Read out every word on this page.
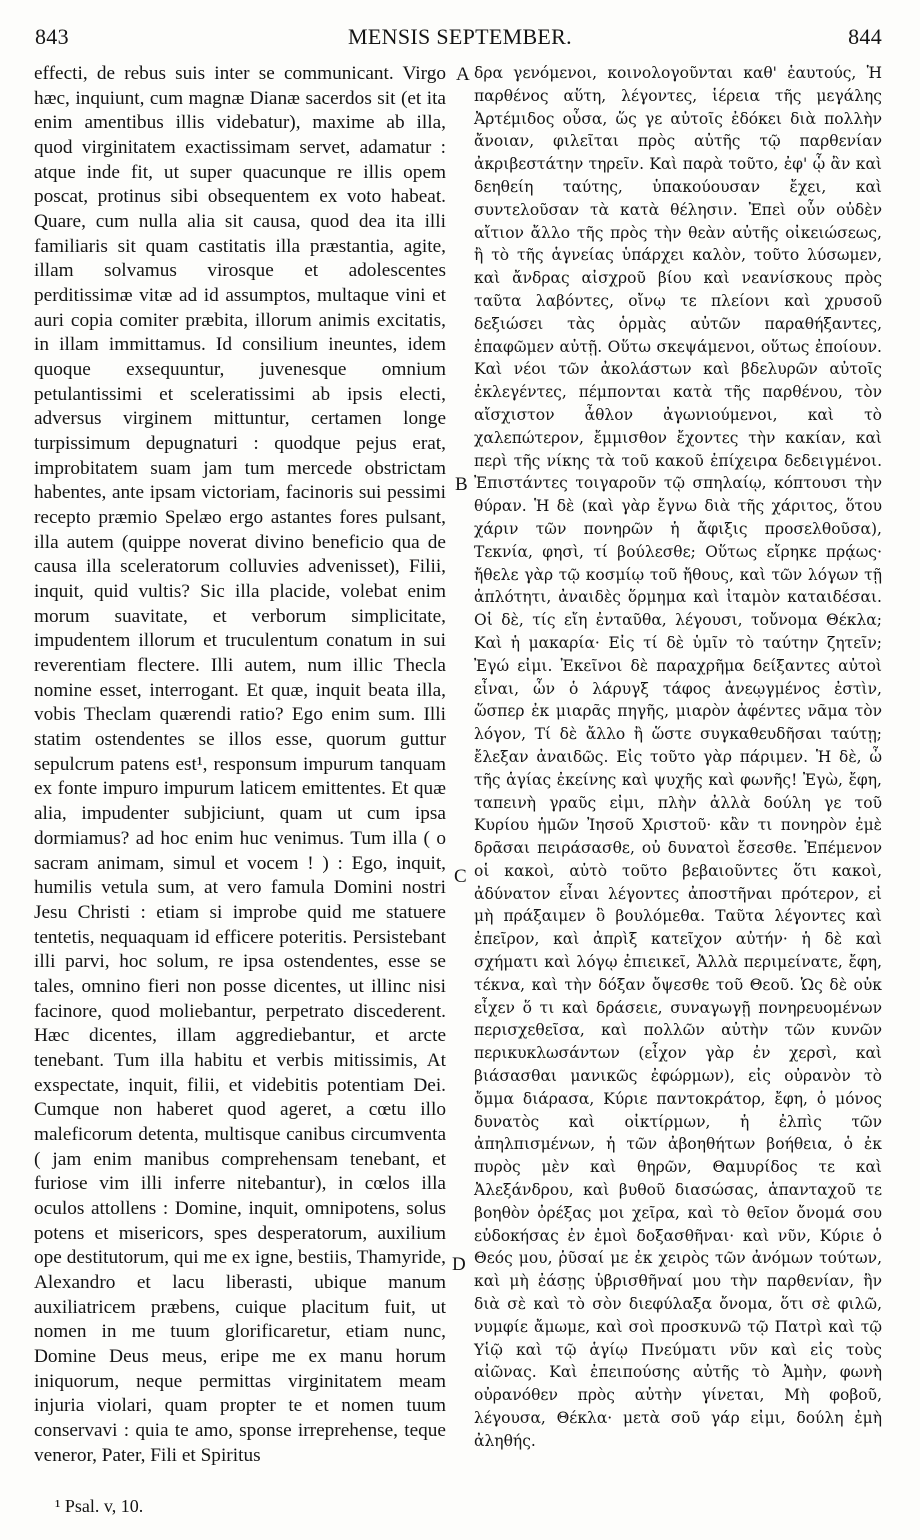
843	MENSIS SEPTEMBER.	844

effecti, de rebus suis inter se communicant. Virgo hæc, inquiunt, cum magnæ Dianæ sacerdos sit (et ita enim amentibus illis videbatur), maxime ab illa, quod virginitatem exactissimam servet, adamatur : atque inde fit, ut super quacunque re illis opem poscat, protinus sibi obsequentem ex voto habeat. Quare, cum nulla alia sit causa, quod dea ita illi familiaris sit quam castitatis illa præstantia, agite, illam solvamus virosque et adolescentes perditissimæ vitæ ad id assumptos, multaque vini et auri copia comiter præbita, illorum animis excitatis, in illam immittamus. Id consilium ineuntes, idem quoque exsequuntur, juvenesque omnium petulantissimi et sceleratissimi ab ipsis electi, adversus virginem mittuntur, certamen longe turpissimum depugnaturi : quodque pejus erat, improbitatem suam jam tum mercede obstrictam habentes, ante ipsam victoriam, facinoris sui pessimi recepto præmio Spelæo ergo astantes fores pulsant, illa autem (quippe noverat divino beneficio qua de causa illa sceleratorum colluvies advenisset), Filii, inquit, quid vultis? Sic illa placide, volebat enim morum suavitate, et verborum simplicitate, impudentem illorum et truculentum conatum in sui reverentiam flectere. Illi autem, num illic Thecla nomine esset, interrogant. Et quæ, inquit beata illa, vobis Theclam quærendi ratio? Ego enim sum. Illi statim ostendentes se illos esse, quorum guttur sepulcrum patens est¹, responsum impurum tanquam ex fonte impuro impurum laticem emittentes. Et quæ alia, impudenter subjiciunt, quam ut cum ipsa dormiamus? ad hoc enim huc venimus. Tum illa ( o sacram animam, simul et vocem ! ) : Ego, inquit, humilis vetula sum, at vero famula Domini nostri Jesu Christi : etiam si improbe quid me statuere tentetis, nequaquam id efficere poteritis. Persistebant illi parvi, hoc solum, re ipsa ostendentes, esse se tales, omnino fieri non posse dicentes, ut illinc nisi facinore, quod moliebantur, perpetrato discederent. Hæc dicentes, illam aggrediebantur, et arcte tenebant. Tum illa habitu et verbis mitissimis, At exspectate, inquit, filii, et videbitis potentiam Dei. Cumque non haberet quod ageret, a cœtu illo maleficorum detenta, multisque canibus circumventa ( jam enim manibus comprehensam tenebant, et furiose vim illi inferre nitebantur), in cœlos illa oculos attollens : Domine, inquit, omnipotens, solus potens et misericors, spes desperatorum, auxilium ope destitutorum, qui me ex igne, bestiis, Thamyride, Alexandro et lacu liberasti, ubique manum auxiliatricem præbens, cuique placitum fuit, ut nomen in me tuum glorificaretur, etiam nunc, Domine Deus meus, eripe me ex manu horum iniquorum, neque permittas virginitatem meam injuria violari, quam propter te et nomen tuum conservavi : quia te amo, sponse irreprehense, teque veneror, Pater, Fili et Spiritus

A
B
C
D

δρα γενόμενοι, κοινολογοῦνται καθ' ἑαυτούς, Ἡ παρθένος αὕτη, λέγοντες, ἱέρεια τῆς μεγάλης Ἀρτέμιδος οὖσα, ὥς γε αὐτοῖς ἐδόκει διὰ πολλὴν ἄνοιαν, φιλεῖται πρὸς αὐτῆς τῷ παρθενίαν ἀκριβεστάτην τηρεῖν. Καὶ παρὰ τοῦτο, ἐφ' ᾧ ἂν καὶ δεηθείη ταύτης, ὑπακούουσαν ἔχει, καὶ συντελοῦσαν τὰ κατὰ θέλησιν. Ἐπεὶ οὖν οὐδὲν αἴτιον ἄλλο τῆς πρὸς τὴν θεὰν αὐτῆς οἰκειώσεως, ἢ τὸ τῆς ἁγνείας ὑπάρχει καλὸν, τοῦτο λύσωμεν, καὶ ἄνδρας αἰσχροῦ βίου καὶ νεανίσκους πρὸς ταῦτα λαβόντες, οἴνῳ τε πλείονι καὶ χρυσοῦ δεξιώσει τὰς ὁρμὰς αὐτῶν παραθήξαντες, ἐπαφῶμεν αὐτῇ. Οὕτω σκεψάμενοι, οὕτως ἐποίουν. Καὶ νέοι τῶν ἀκολάστων καὶ βδελυρῶν αὐτοῖς ἐκλεγέντες, πέμπονται κατὰ τῆς παρθένου, τὸν αἴσχιστον ἆθλον ἀγωνιούμενοι, καὶ τὸ χαλεπώτερον, ἔμμισθον ἔχοντες τὴν κακίαν, καὶ περὶ τῆς νίκης τὰ τοῦ κακοῦ ἐπίχειρα δεδειγμένοι. Ἐπιστάντες τοιγαροῦν τῷ σπηλαίῳ, κόπτουσι τὴν θύραν. Ἡ δὲ (καὶ γὰρ ἔγνω διὰ τῆς χάριτος, ὅτου χάριν τῶν πονηρῶν ἡ ἄφιξις προσελθοῦσα), Τεκνία, φησὶ, τί βούλεσθε; Οὕτως εἴρηκε πρᾴως· ἤθελε γὰρ τῷ κοσμίῳ τοῦ ἤθους, καὶ τῶν λόγων τῇ ἁπλότητι, ἀναιδὲς ὅρμημα καὶ ἰταμὸν καταιδέσαι. Οἱ δὲ, τίς εἴη ἐνταῦθα, λέγουσι, τοὔνομα Θέκλα; Καὶ ἡ μακαρία· Εἰς τί δὲ ὑμῖν τὸ ταύτην ζητεῖν; Ἐγώ εἰμι. Ἐκεῖνοι δὲ παραχρῆμα δείξαντες αὐτοὶ εἶναι, ὧν ὁ λάρυγξ τάφος ἀνεῳγμένος ἐστὶν, ὥσπερ ἐκ μιαρᾶς πηγῆς, μιαρὸν ἀφέντες νᾶμα τὸν λόγον, Τί δὲ ἄλλο ἢ ὥστε συγκαθευδῆσαι ταύτῃ; ἔλεξαν ἀναιδῶς. Εἰς τοῦτο γὰρ πάριμεν. Ἡ δὲ, ὦ τῆς ἁγίας ἐκείνης καὶ ψυχῆς καὶ φωνῆς! Ἐγὼ, ἔφη, ταπεινὴ γραῦς εἰμι, πλὴν ἀλλὰ δούλη γε τοῦ Κυρίου ἡμῶν Ἰησοῦ Χριστοῦ· κἂν τι πονηρὸν ἐμὲ δρᾶσαι πειράσασθε, οὐ δυνατοὶ ἔσεσθε. Ἐπέμενον οἱ κακοὶ, αὐτὸ τοῦτο βεβαιοῦντες ὅτι κακοὶ, ἀδύνατον εἶναι λέγοντες ἀποστῆναι πρότερον, εἰ μὴ πράξαιμεν ὃ βουλόμεθα. Ταῦτα λέγοντες καὶ ἐπεῖρον, καὶ ἀπρὶξ κατεῖχον αὐτήν· ἡ δὲ καὶ σχήματι καὶ λόγῳ ἐπιεικεῖ, Ἀλλὰ περιμείνατε, ἔφη, τέκνα, καὶ τὴν δόξαν ὄψεσθε τοῦ Θεοῦ. Ὡς δὲ οὐκ εἶχεν ὅ τι καὶ δράσειε, συναγωγῇ πονηρευομένων περισχεθεῖσα, καὶ πολλῶν αὐτὴν τῶν κυνῶν περικυκλωσάντων (εἶχον γὰρ ἐν χερσὶ, καὶ βιάσασθαι μανικῶς ἐφώρμων), εἰς οὐρανὸν τὸ ὄμμα διάρασα, Κύριε παντοκράτορ, ἔφη, ὁ μόνος δυνατὸς καὶ οἰκτίρμων, ἡ ἐλπὶς τῶν ἀπηλπισμένων, ἡ τῶν ἀβοηθήτων βοήθεια, ὁ ἐκ πυρὸς μὲν καὶ θηρῶν, Θαμυρίδος τε καὶ Ἀλεξάνδρου, καὶ βυθοῦ διασώσας, ἁπανταχοῦ τε βοηθὸν ὀρέξας μοι χεῖρα, καὶ τὸ θεῖον ὄνομά σου εὐδοκήσας ἐν ἐμοὶ δοξασθῆναι· καὶ νῦν, Κύριε ὁ Θεός μου, ῥῦσαί με ἐκ χειρὸς τῶν ἀνόμων τούτων, καὶ μὴ ἐάσῃς ὑβρισθῆναί μου τὴν παρθενίαν, ἣν διὰ σὲ καὶ τὸ σὸν διεφύλαξα ὄνομα, ὅτι σὲ φιλῶ, νυμφίε ἄμωμε, καὶ σοὶ προσκυνῶ τῷ Πατρὶ καὶ τῷ Υἱῷ καὶ τῷ ἁγίῳ Πνεύματι νῦν καὶ εἰς τοὺς αἰῶνας. Καὶ ἐπειπούσης αὐτῆς τὸ Ἀμὴν, φωνὴ οὐρανόθεν πρὸς αὐτὴν γίνεται, Μὴ φοβοῦ, λέγουσα, Θέκλα· μετὰ σοῦ γάρ εἰμι, δούλη ἐμὴ ἀληθής.

¹ Psal. v, 10.
